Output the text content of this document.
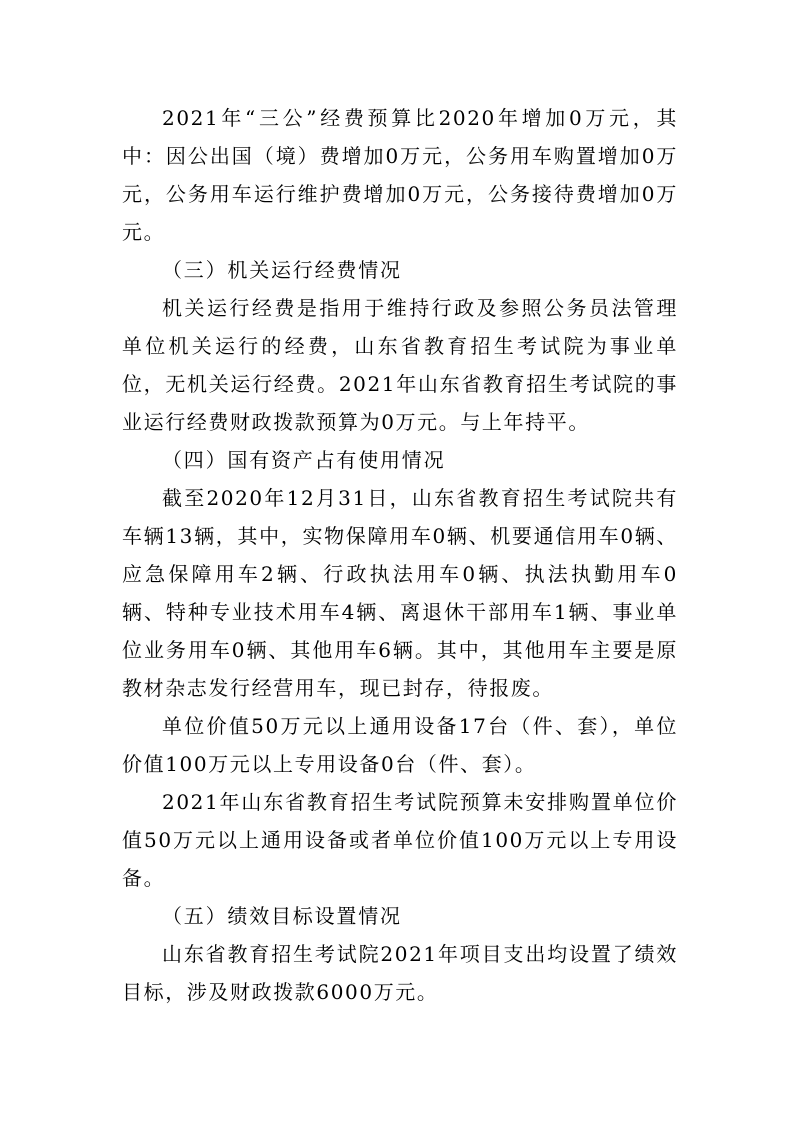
2021年“三公”经费预算比2020年增加0万元，其中：因公出国（境）费增加0万元，公务用车购置增加0万元，公务用车运行维护费增加0万元，公务接待费增加0万元。

（三）机关运行经费情况

机关运行经费是指用于维持行政及参照公务员法管理单位机关运行的经费，山东省教育招生考试院为事业单位，无机关运行经费。2021年山东省教育招生考试院的事业运行经费财政拨款预算为0万元。与上年持平。

（四）国有资产占有使用情况

截至2020年12月31日，山东省教育招生考试院共有车辆13辆，其中，实物保障用车0辆、机要通信用车0辆、应急保障用车2辆、行政执法用车0辆、执法执勤用车0辆、特种专业技术用车4辆、离退休干部用车1辆、事业单位业务用车0辆、其他用车6辆。其中，其他用车主要是原教材杂志发行经营用车，现已封存，待报废。

单位价值50万元以上通用设备17台（件、套），单位价值100万元以上专用设备0台（件、套）。

2021年山东省教育招生考试院预算未安排购置单位价值50万元以上通用设备或者单位价值100万元以上专用设备。

（五）绩效目标设置情况

山东省教育招生考试院2021年项目支出均设置了绩效目标，涉及财政拨款6000万元。
